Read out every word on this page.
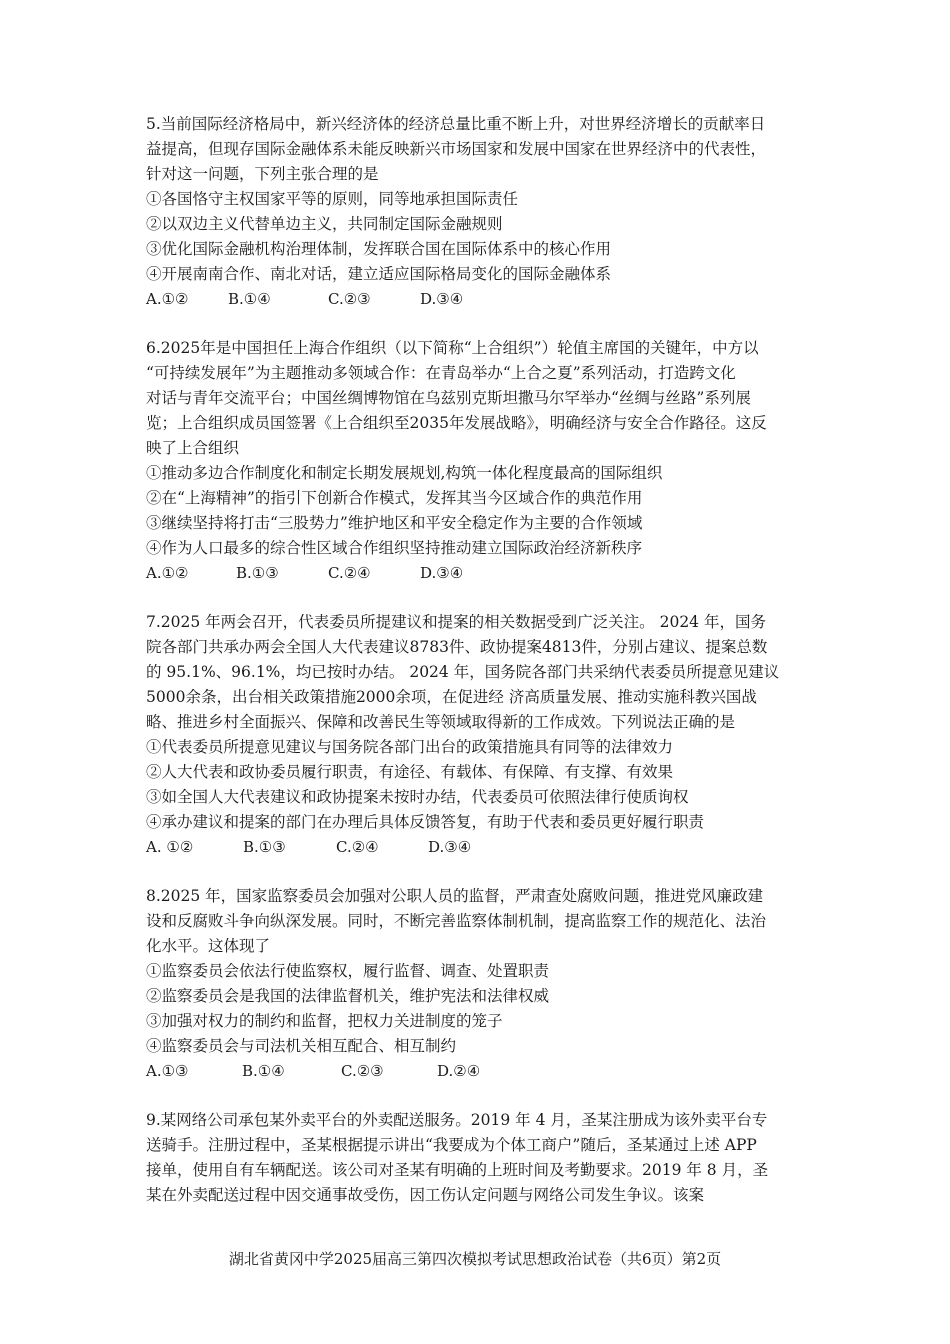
5.当前国际经济格局中，新兴经济体的经济总量比重不断上升，对世界经济增长的贡献率日
益提高，但现存国际金融体系未能反映新兴市场国家和发展中国家在世界经济中的代表性，
针对这一问题，下列主张合理的是
①各国恪守主权国家平等的原则，同等地承担国际责任
②以双边主义代替单边主义，共同制定国际金融规则
③优化国际金融机构治理体制，发挥联合国在国际体系中的核心作用
④开展南南合作、南北对话，建立适应国际格局变化的国际金融体系
A.①②	B.①④	C.②③	D.③④
6.2025年是中国担任上海合作组织（以下简称“上合组织”）轮值主席国的关键年，中方以
“可持续发展年”为主题推动多领域合作：在青岛举办“上合之夏”系列活动，打造跨文化
对话与青年交流平台；中国丝绸博物馆在乌兹别克斯坦撒马尔罕举办“丝绸与丝路”系列展
览；上合组织成员国签署《上合组织至2035年发展战略》，明确经济与安全合作路径。这反
映了上合组织
①推动多边合作制度化和制定长期发展规划,构筑一体化程度最高的国际组织
②在“上海精神”的指引下创新合作模式，发挥其当今区域合作的典范作用
③继续坚持将打击“三股势力”维护地区和平安全稳定作为主要的合作领域
④作为人口最多的综合性区域合作组织坚持推动建立国际政治经济新秩序
A.①②	B.①③	C.②④	D.③④
7.2025 年两会召开，代表委员所提建议和提案的相关数据受到广泛关注。 2024 年，国务
院各部门共承办两会全国人大代表建议8783件、政协提案4813件，分别占建议、提案总数
的 95.1%、96.1%，均已按时办结。 2024 年，国务院各部门共采纳代表委员所提意见建议
5000余条，出台相关政策措施2000余项，在促进经 济高质量发展、推动实施科教兴国战
略、推进乡村全面振兴、保障和改善民生等领域取得新的工作成效。下列说法正确的是
①代表委员所提意见建议与国务院各部门出台的政策措施具有同等的法律效力
②人大代表和政协委员履行职责，有途径、有载体、有保障、有支撑、有效果
③如全国人大代表建议和政协提案未按时办结，代表委员可依照法律行使质询权
④承办建议和提案的部门在办理后具体反馈答复，有助于代表和委员更好履行职责
A. ①②	B.①③	C.②④	D.③④
8.2025 年，国家监察委员会加强对公职人员的监督，严肃查处腐败问题，推进党风廉政建
设和反腐败斗争向纵深发展。同时，不断完善监察体制机制，提高监察工作的规范化、法治
化水平。这体现了
①监察委员会依法行使监察权，履行监督、调查、处置职责
②监察委员会是我国的法律监督机关，维护宪法和法律权威
③加强对权力的制约和监督，把权力关进制度的笼子
④监察委员会与司法机关相互配合、相互制约
A.①③	B.①④	C.②③	D.②④
9.某网络公司承包某外卖平台的外卖配送服务。2019 年 4 月，圣某注册成为该外卖平台专
送骑手。注册过程中，圣某根据提示讲出“我要成为个体工商户”随后，圣某通过上述 APP
接单，使用自有车辆配送。该公司对圣某有明确的上班时间及考勤要求。2019 年 8 月，圣
某在外卖配送过程中因交通事故受伤，因工伤认定问题与网络公司发生争议。该案
湖北省黄冈中学2025届高三第四次模拟考试思想政治试卷（共6页）第2页
